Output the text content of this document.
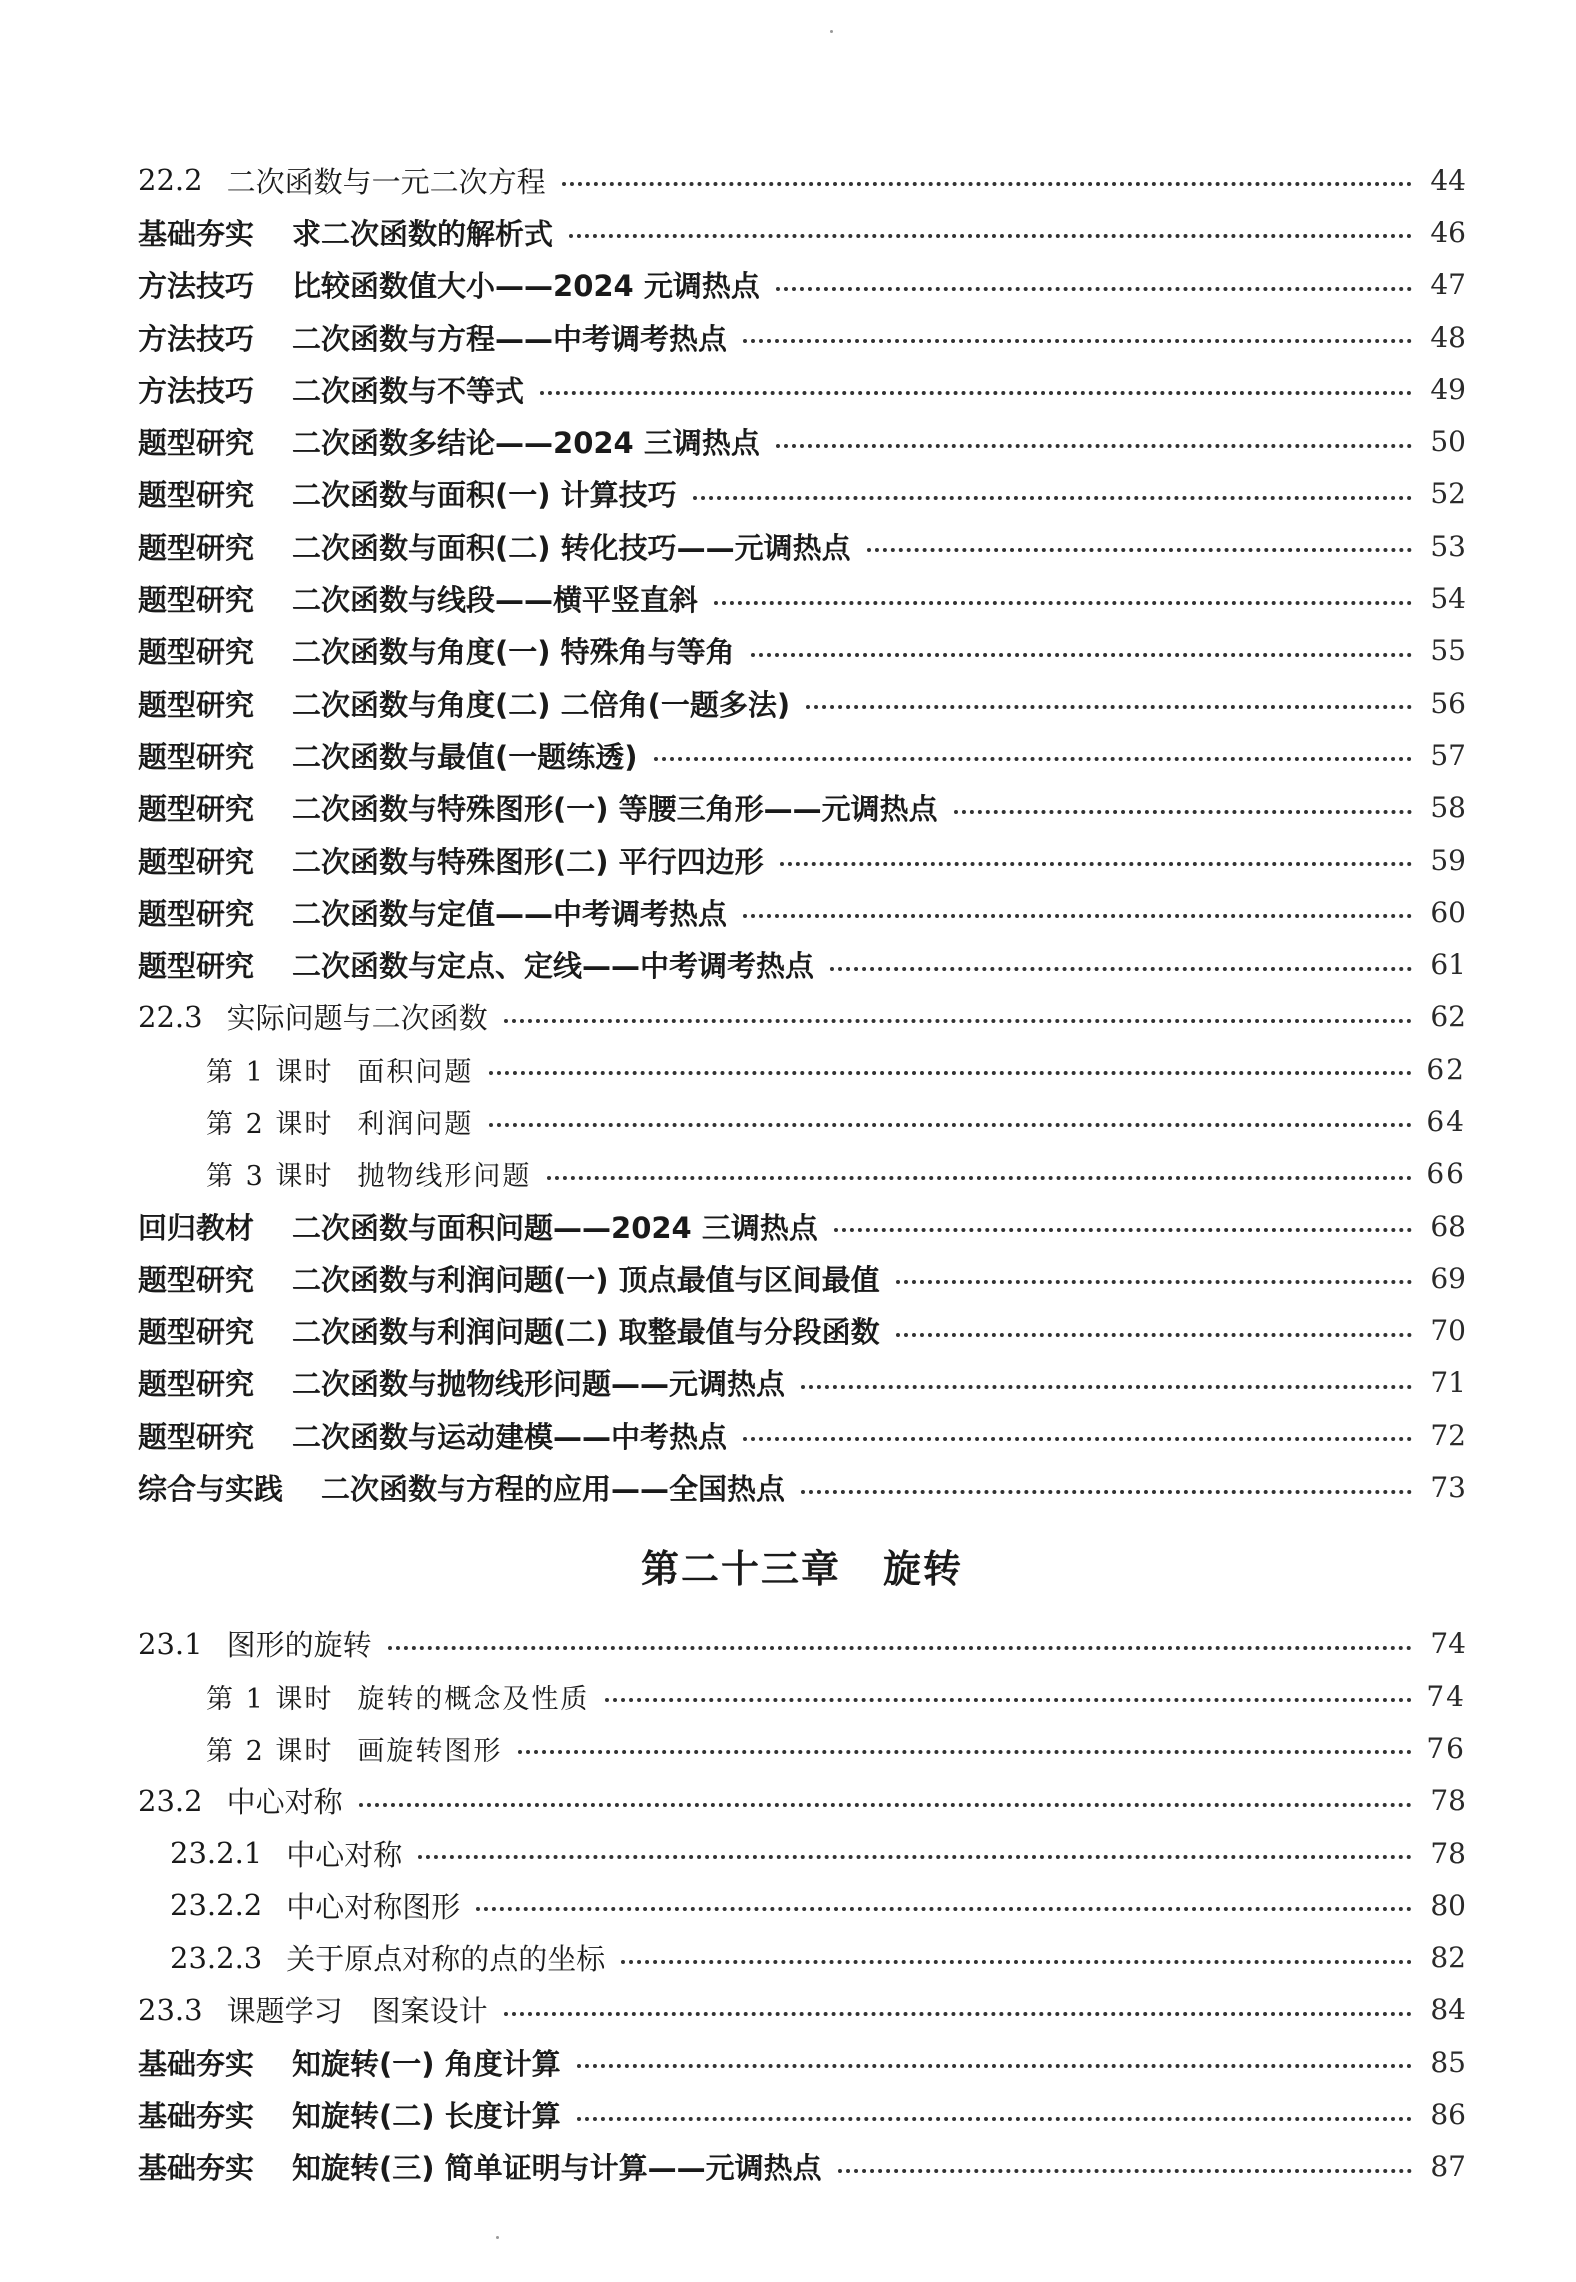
22.2 二次函数与一元二次方程	44
基础夯实 求二次函数的解析式	46
方法技巧 比较函数值大小——2024 元调热点	47
方法技巧 二次函数与方程——中考调考热点	48
方法技巧 二次函数与不等式	49
题型研究 二次函数多结论——2024 三调热点	50
题型研究 二次函数与面积(一) 计算技巧	52
题型研究 二次函数与面积(二) 转化技巧——元调热点	53
题型研究 二次函数与线段——横平竖直斜	54
题型研究 二次函数与角度(一) 特殊角与等角	55
题型研究 二次函数与角度(二) 二倍角(一题多法)	56
题型研究 二次函数与最值(一题练透)	57
题型研究 二次函数与特殊图形(一) 等腰三角形——元调热点	58
题型研究 二次函数与特殊图形(二) 平行四边形	59
题型研究 二次函数与定值——中考调考热点	60
题型研究 二次函数与定点、定线——中考调考热点	61
22.3 实际问题与二次函数	62
第 1 课时 面积问题	62
第 2 课时 利润问题	64
第 3 课时 抛物线形问题	66
回归教材 二次函数与面积问题——2024 三调热点	68
题型研究 二次函数与利润问题(一) 顶点最值与区间最值	69
题型研究 二次函数与利润问题(二) 取整最值与分段函数	70
题型研究 二次函数与抛物线形问题——元调热点	71
题型研究 二次函数与运动建模——中考热点	72
综合与实践 二次函数与方程的应用——全国热点	73
第二十三章 旋转
23.1 图形的旋转	74
第 1 课时 旋转的概念及性质	74
第 2 课时 画旋转图形	76
23.2 中心对称	78
23.2.1 中心对称	78
23.2.2 中心对称图形	80
23.2.3 关于原点对称的点的坐标	82
23.3 课题学习　图案设计	84
基础夯实 知旋转(一) 角度计算	85
基础夯实 知旋转(二) 长度计算	86
基础夯实 知旋转(三) 简单证明与计算——元调热点	87
